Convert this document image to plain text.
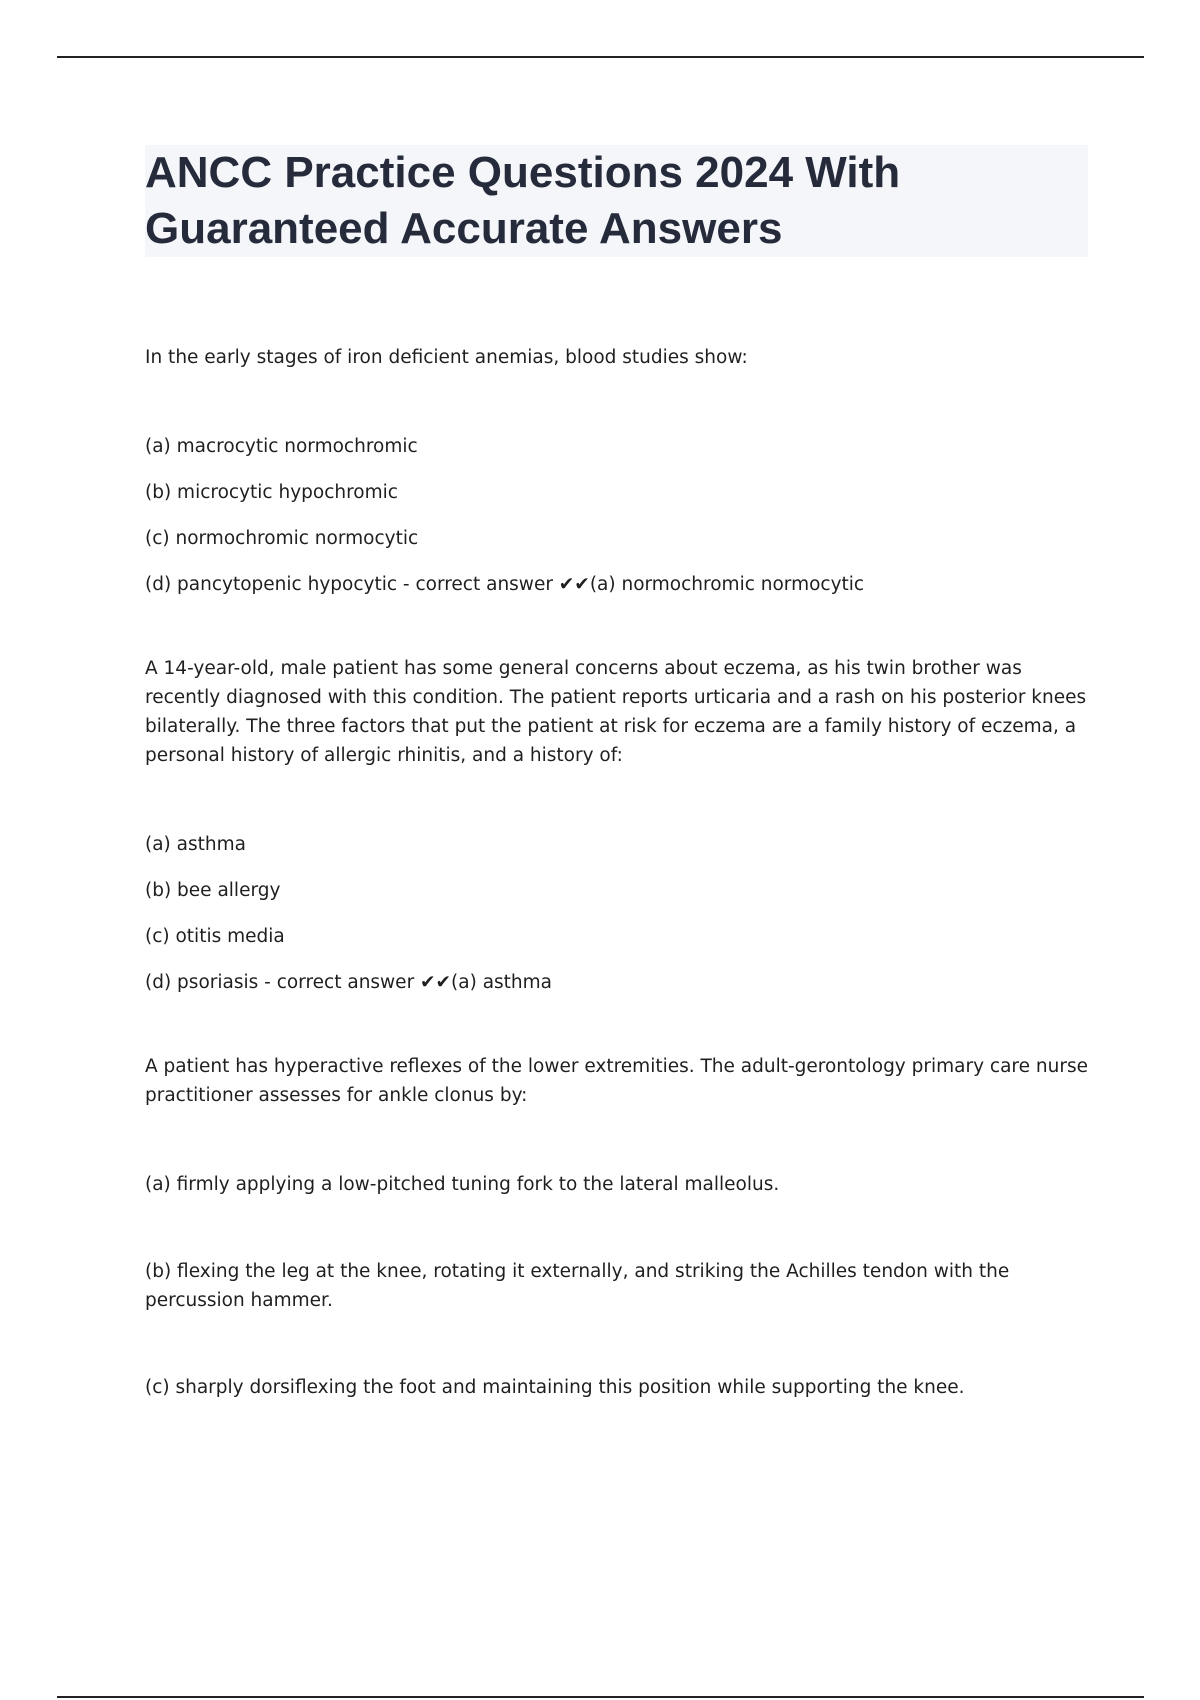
ANCC Practice Questions 2024 With Guaranteed Accurate Answers

In the early stages of iron deficient anemias, blood studies show:

(a) macrocytic normochromic

(b) microcytic hypochromic

(c) normochromic normocytic

(d) pancytopenic hypocytic - correct answer ✔✔(a) normochromic normocytic

A 14-year-old, male patient has some general concerns about eczema, as his twin brother was recently diagnosed with this condition. The patient reports urticaria and a rash on his posterior knees bilaterally. The three factors that put the patient at risk for eczema are a family history of eczema, a personal history of allergic rhinitis, and a history of:

(a) asthma

(b) bee allergy

(c) otitis media

(d) psoriasis - correct answer ✔✔(a) asthma

A patient has hyperactive reflexes of the lower extremities. The adult-gerontology primary care nurse practitioner assesses for ankle clonus by:

(a) firmly applying a low-pitched tuning fork to the lateral malleolus.

(b) flexing the leg at the knee, rotating it externally, and striking the Achilles tendon with the percussion hammer.

(c) sharply dorsiflexing the foot and maintaining this position while supporting the knee.
